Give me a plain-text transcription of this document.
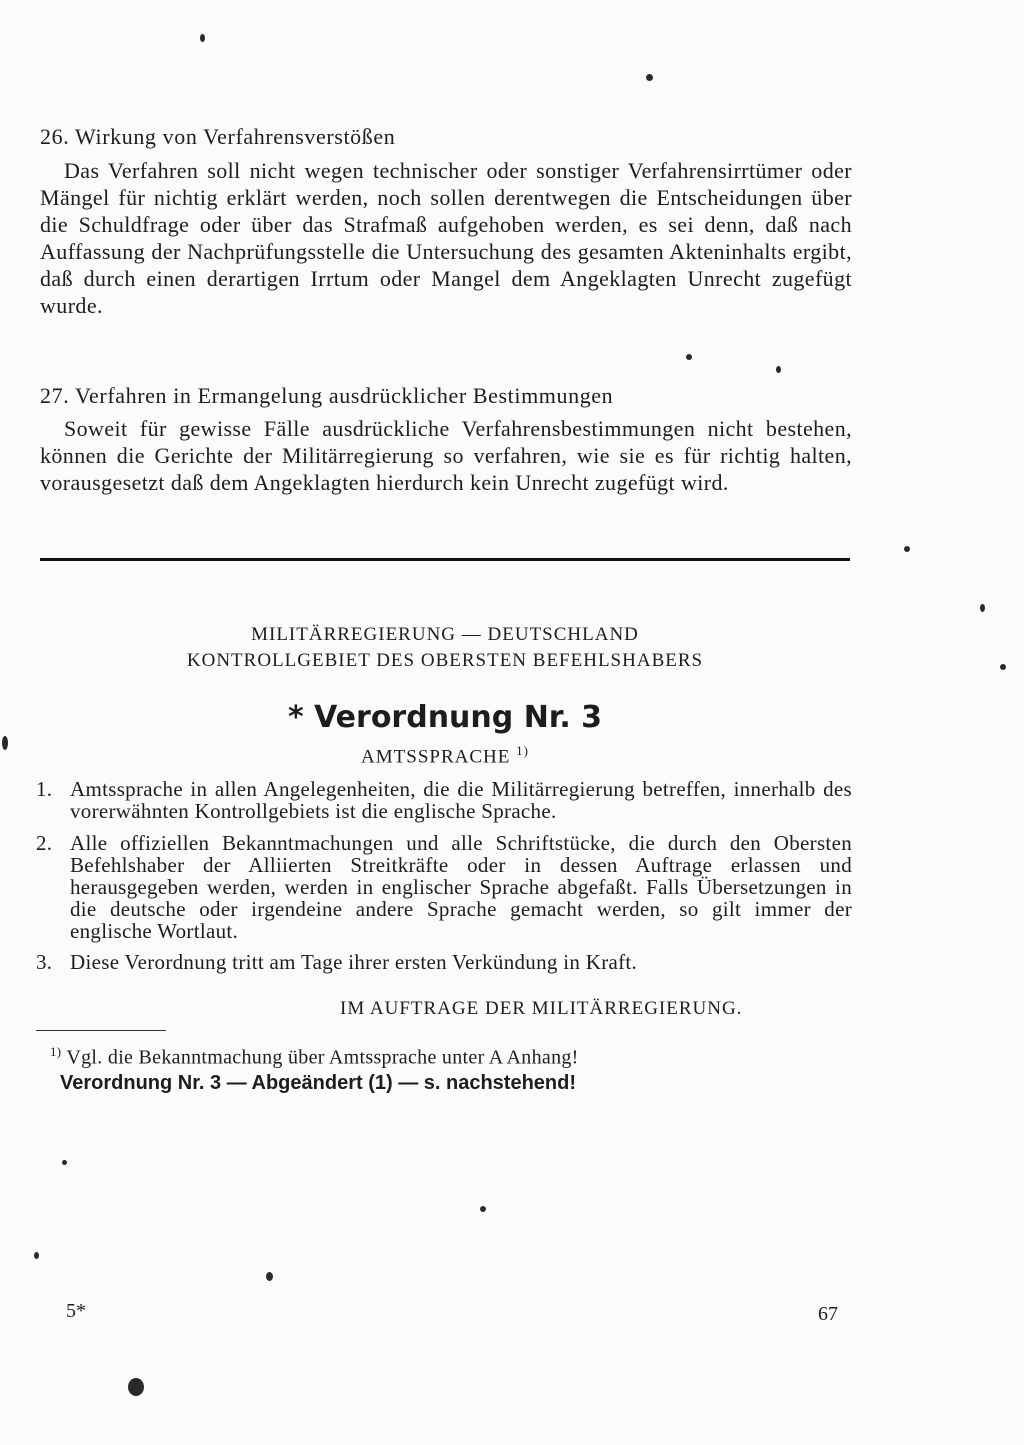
26. Wirkung von Verfahrensverstößen
Das Verfahren soll nicht wegen technischer oder sonstiger Verfahrensirrtümer oder Mängel für nichtig erklärt werden, noch sollen derentwegen die Entscheidungen über die Schuldfrage oder über das Strafmaß aufgehoben werden, es sei denn, daß nach Auffassung der Nachprüfungsstelle die Untersuchung des gesamten Akteninhalts ergibt, daß durch einen derartigen Irrtum oder Mangel dem Angeklagten Unrecht zugefügt wurde.
27. Verfahren in Ermangelung ausdrücklicher Bestimmungen
Soweit für gewisse Fälle ausdrückliche Verfahrensbestimmungen nicht bestehen, können die Gerichte der Militärregierung so verfahren, wie sie es für richtig halten, vorausgesetzt daß dem Angeklagten hierdurch kein Unrecht zugefügt wird.
MILITÄRREGIERUNG — DEUTSCHLAND
KONTROLLGEBIET DES OBERSTEN BEFEHLSHABERS
* Verordnung Nr. 3
AMTSSPRACHE $^{1)}$
1. Amtssprache in allen Angelegenheiten, die die Militärregierung betreffen, innerhalb des vorerwähnten Kontrollgebiets ist die englische Sprache.
2. Alle offiziellen Bekanntmachungen und alle Schriftstücke, die durch den Obersten Befehlshaber der Alliierten Streitkräfte oder in dessen Auftrage erlassen und herausgegeben werden, werden in englischer Sprache abgefaßt. Falls Übersetzungen in die deutsche oder irgendeine andere Sprache gemacht werden, so gilt immer der englische Wortlaut.
3. Diese Verordnung tritt am Tage ihrer ersten Verkündung in Kraft.
IM AUFTRAGE DER MILITÄRREGIERUNG.
$^{1)}$ Vgl. die Bekanntmachung über Amtssprache unter A Anhang!
Verordnung Nr. 3 — Abgeändert (1) — s. nachstehend!
5*	67
